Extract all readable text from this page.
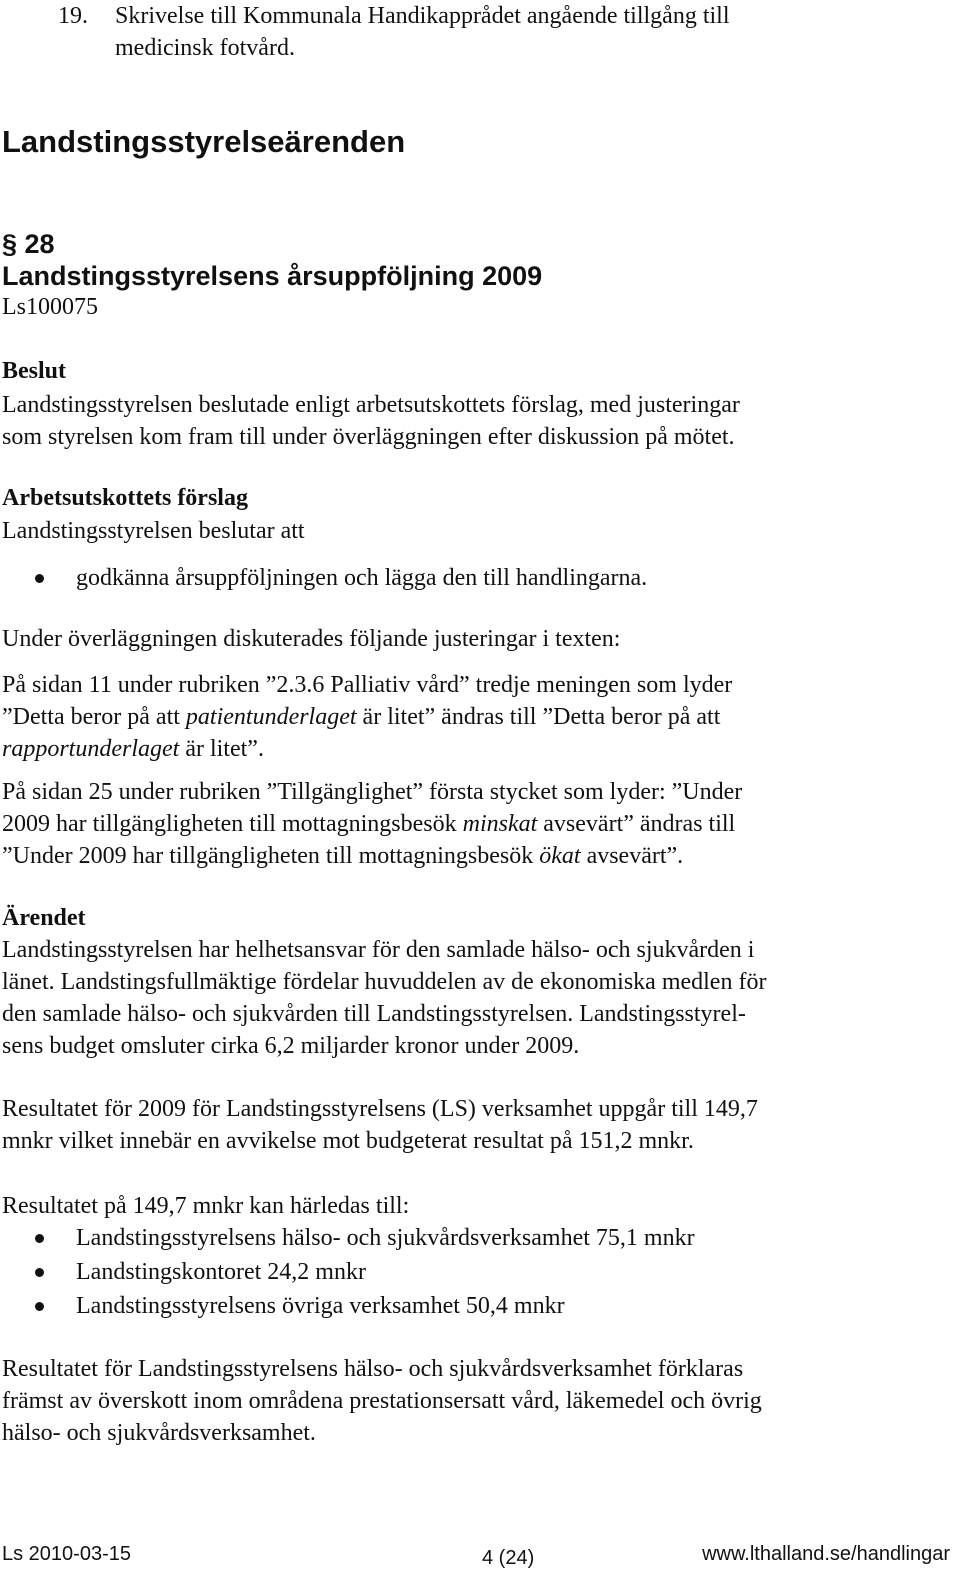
19. Skrivelse till Kommunala Handikapprådet angående tillgång till

medicinsk fotvård.

Landstingsstyrelseärenden
§ 28
Landstingsstyrelsens årsuppföljning 2009
Ls100075
Beslut

Landstingsstyrelsen beslutade enligt arbetsutskottets förslag, med justeringar

som styrelsen kom fram till under överläggningen efter diskussion på mötet.

Arbetsutskottets förslag
Landstingsstyrelsen beslutar att
godkänna årsuppföljningen och lägga den till handlingarna.
Under överläggningen diskuterades följande justeringar i texten:

På sidan 11 under rubriken ”2.3.6 Palliativ vård” tredje meningen som lyder

”Detta beror på att patientunderlaget är litet” ändras till ”Detta beror på att

rapportunderlaget är litet”.

På sidan 25 under rubriken ”Tillgänglighet” första stycket som lyder: ”Under

2009 har tillgängligheten till mottagningsbesök minskat avsevärt” ändras till

”Under 2009 har tillgängligheten till mottagningsbesök ökat avsevärt”.

Ärendet

Landstingsstyrelsen har helhetsansvar för den samlade hälso- och sjukvården i

länet. Landstingsfullmäktige fördelar huvuddelen av de ekonomiska medlen för

den samlade hälso- och sjukvården till Landstingsstyrelsen. Landstingsstyrel-

sens budget omsluter cirka 6,2 miljarder kronor under 2009.

Resultatet för 2009 för Landstingsstyrelsens (LS) verksamhet uppgår till 149,7

mnkr vilket innebär en avvikelse mot budgeterat resultat på 151,2 mnkr.

Resultatet på 149,7 mnkr kan härledas till:
Landstingsstyrelsens hälso- och sjukvårdsverksamhet 75,1 mnkr
Landstingskontoret 24,2 mnkr
Landstingsstyrelsens övriga verksamhet 50,4 mnkr

Resultatet för Landstingsstyrelsens hälso- och sjukvårdsverksamhet förklaras

främst av överskott inom områdena prestationsersatt vård, läkemedel och övrig

hälso- och sjukvårdsverksamhet.

Ls 2010-03-15	4 (24)	www.lthalland.se/handlingar
